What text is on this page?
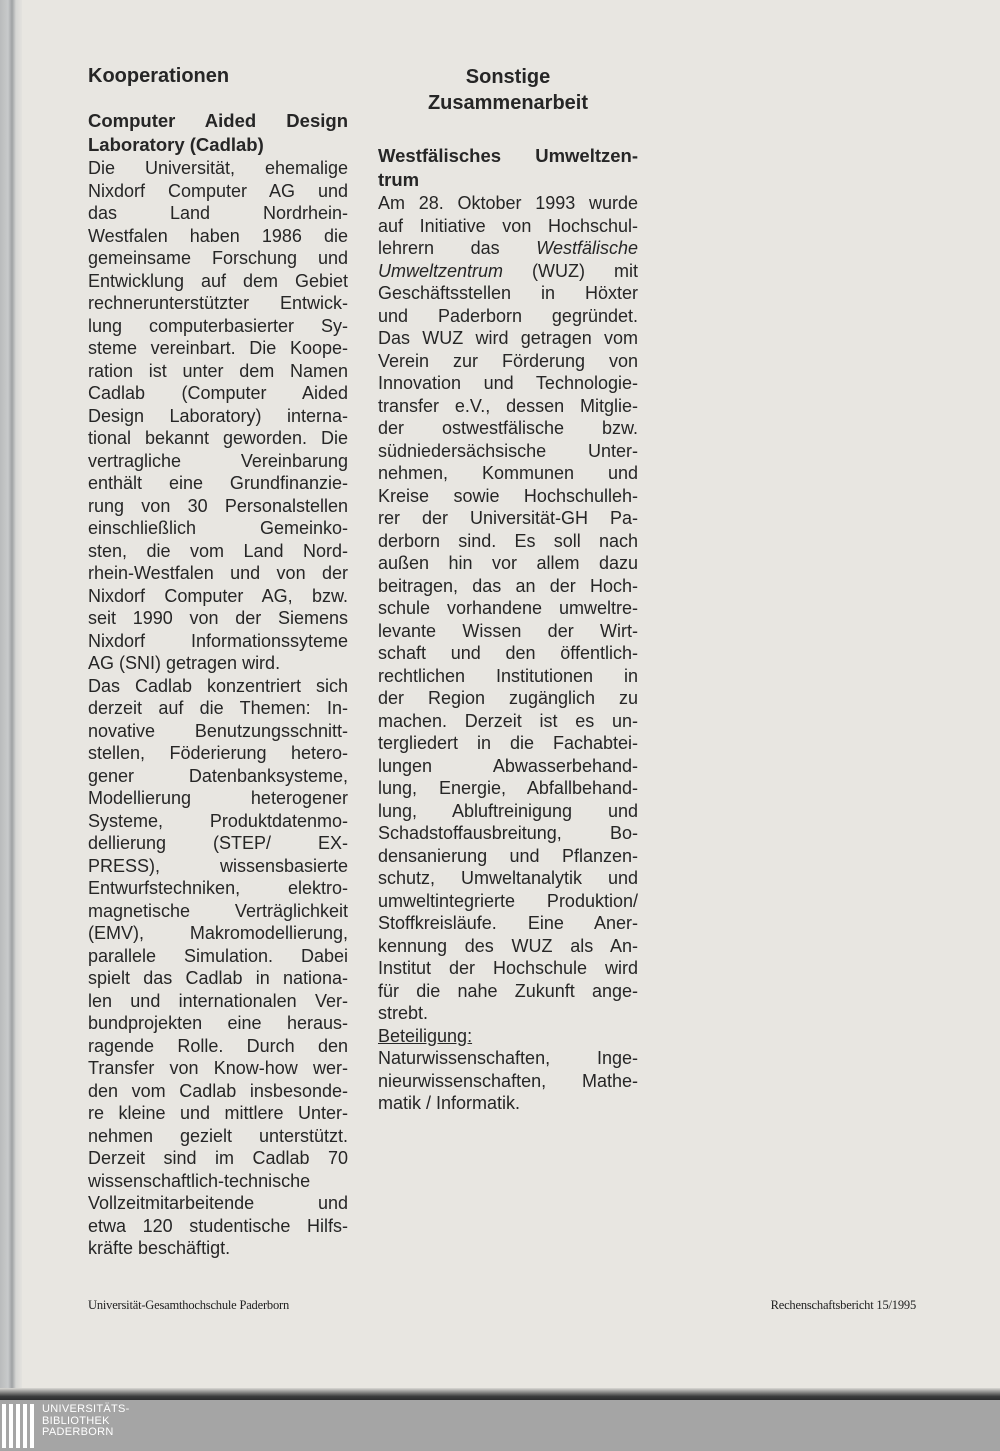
Kooperationen
Computer Aided Design
Laboratory (Cadlab)
Die Universität, ehemalige
Nixdorf Computer AG und
das Land Nordrhein-
Westfalen haben 1986 die
gemeinsame Forschung und
Entwicklung auf dem Gebiet
rechnerunterstützter Entwick-
lung computerbasierter Sy-
steme vereinbart. Die Koope-
ration ist unter dem Namen
Cadlab (Computer Aided
Design Laboratory) interna-
tional bekannt geworden. Die
vertragliche Vereinbarung
enthält eine Grundfinanzie-
rung von 30 Personalstellen
einschließlich Gemeinko-
sten, die vom Land Nord-
rhein-Westfalen und von der
Nixdorf Computer AG, bzw.
seit 1990 von der Siemens
Nixdorf Informationssyteme
AG (SNI) getragen wird.
Das Cadlab konzentriert sich
derzeit auf die Themen: In-
novative Benutzungsschnitt-
stellen, Föderierung hetero-
gener Datenbanksysteme,
Modellierung heterogener
Systeme, Produktdatenmo-
dellierung (STEP/ EX-
PRESS), wissensbasierte
Entwurfstechniken, elektro-
magnetische Verträglichkeit
(EMV), Makromodellierung,
parallele Simulation. Dabei
spielt das Cadlab in nationa-
len und internationalen Ver-
bundprojekten eine heraus-
ragende Rolle. Durch den
Transfer von Know-how wer-
den vom Cadlab insbesonde-
re kleine und mittlere Unter-
nehmen gezielt unterstützt.
Derzeit sind im Cadlab 70
wissenschaftlich-technische
Vollzeitmitarbeitende und
etwa 120 studentische Hilfs-
kräfte beschäftigt.
Sonstige
Zusammenarbeit
Westfälisches Umweltzen-
trum
Am 28. Oktober 1993 wurde
auf Initiative von Hochschul-
lehrern das Westfälische
Umweltzentrum (WUZ) mit
Geschäftsstellen in Höxter
und Paderborn gegründet.
Das WUZ wird getragen vom
Verein zur Förderung von
Innovation und Technologie-
transfer e.V., dessen Mitglie-
der ostwestfälische bzw.
südniedersächsische Unter-
nehmen, Kommunen und
Kreise sowie Hochschulleh-
rer der Universität-GH Pa-
derborn sind. Es soll nach
außen hin vor allem dazu
beitragen, das an der Hoch-
schule vorhandene umweltre-
levante Wissen der Wirt-
schaft und den öffentlich-
rechtlichen Institutionen in
der Region zugänglich zu
machen. Derzeit ist es un-
tergliedert in die Fachabtei-
lungen Abwasserbehand-
lung, Energie, Abfallbehand-
lung, Abluftreinigung und
Schadstoffausbreitung, Bo-
densanierung und Pflanzen-
schutz, Umweltanalytik und
umweltintegrierte Produktion/
Stoffkreisläufe. Eine Aner-
kennung des WUZ als An-
Institut der Hochschule wird
für die nahe Zukunft ange-
strebt.
Beteiligung:
Naturwissenschaften, Inge-
nieurwissenschaften, Mathe-
matik / Informatik.
Universität-Gesamthochschule Paderborn	Rechenschaftsbericht 15/1995
UNIVERSITÄTS-
BIBLIOTHEK
PADERBORN
